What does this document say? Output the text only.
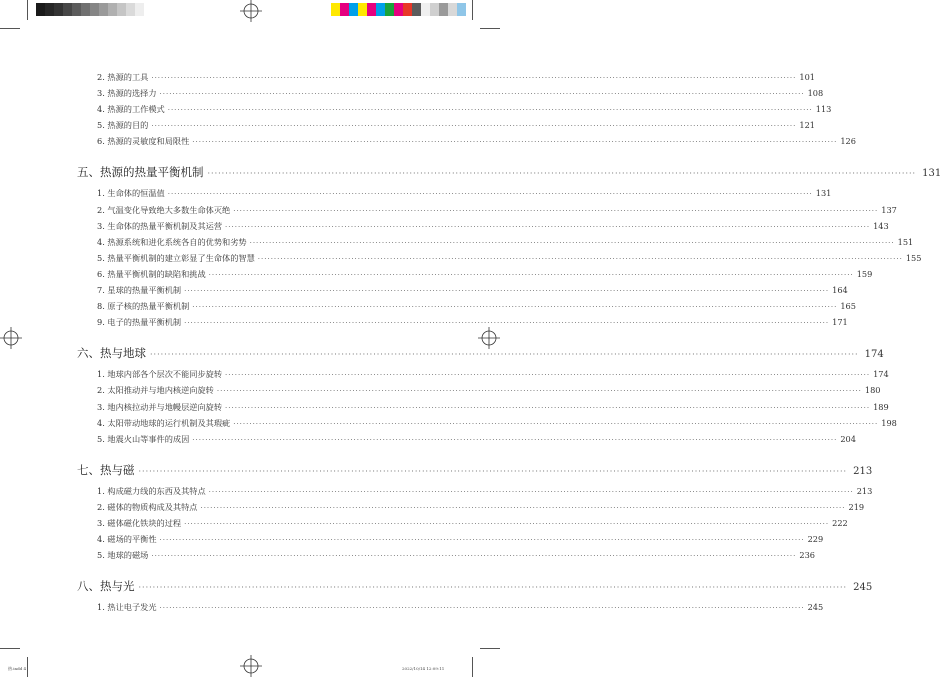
2. 热源的工具 ········································································································································································································ 101
3. 热源的选择力 ········································································································································································································ 108
4. 热源的工作模式 ········································································································································································································ 113
5. 热源的目的 ········································································································································································································ 121
6. 热源的灵敏度和局限性 ········································································································································································································ 126
五、热源的热量平衡机制 ········································································································································································································ 131
1. 生命体的恒温值 ········································································································································································································ 131
2. 气温变化导致绝大多数生命体灭绝 ········································································································································································································ 137
3. 生命体的热量平衡机制及其运营 ········································································································································································································ 143
4. 热源系统和进化系统各自的优势和劣势 ········································································································································································································ 151
5. 热量平衡机制的建立彰显了生命体的智慧 ········································································································································································································ 155
6. 热量平衡机制的缺陷和挑战 ········································································································································································································ 159
7. 星球的热量平衡机制 ········································································································································································································ 164
8. 原子核的热量平衡机制 ········································································································································································································ 165
9. 电子的热量平衡机制 ········································································································································································································ 171
六、热与地球 ········································································································································································································ 174
1. 地球内部各个层次不能同步旋转 ········································································································································································································ 174
2. 太阳推动并与地内核逆向旋转 ········································································································································································································ 180
3. 地内核拉动并与地幔层逆向旋转 ········································································································································································································ 189
4. 太阳带动地球的运行机制及其瑕疵 ········································································································································································································ 198
5. 地震火山等事件的成因 ········································································································································································································ 204
七、热与磁 ········································································································································································································ 213
1. 构成磁力线的东西及其特点 ········································································································································································································ 213
2. 磁体的物质构成及其特点 ········································································································································································································ 219
3. 磁体磁化铁块的过程 ········································································································································································································ 222
4. 磁场的平衡性 ········································································································································································································ 229
5. 地球的磁场 ········································································································································································································ 236
八、热与光 ········································································································································································································ 245
1. 热让电子发光 ········································································································································································································ 245
热.indd 4	2022/10/14 12:09:11
